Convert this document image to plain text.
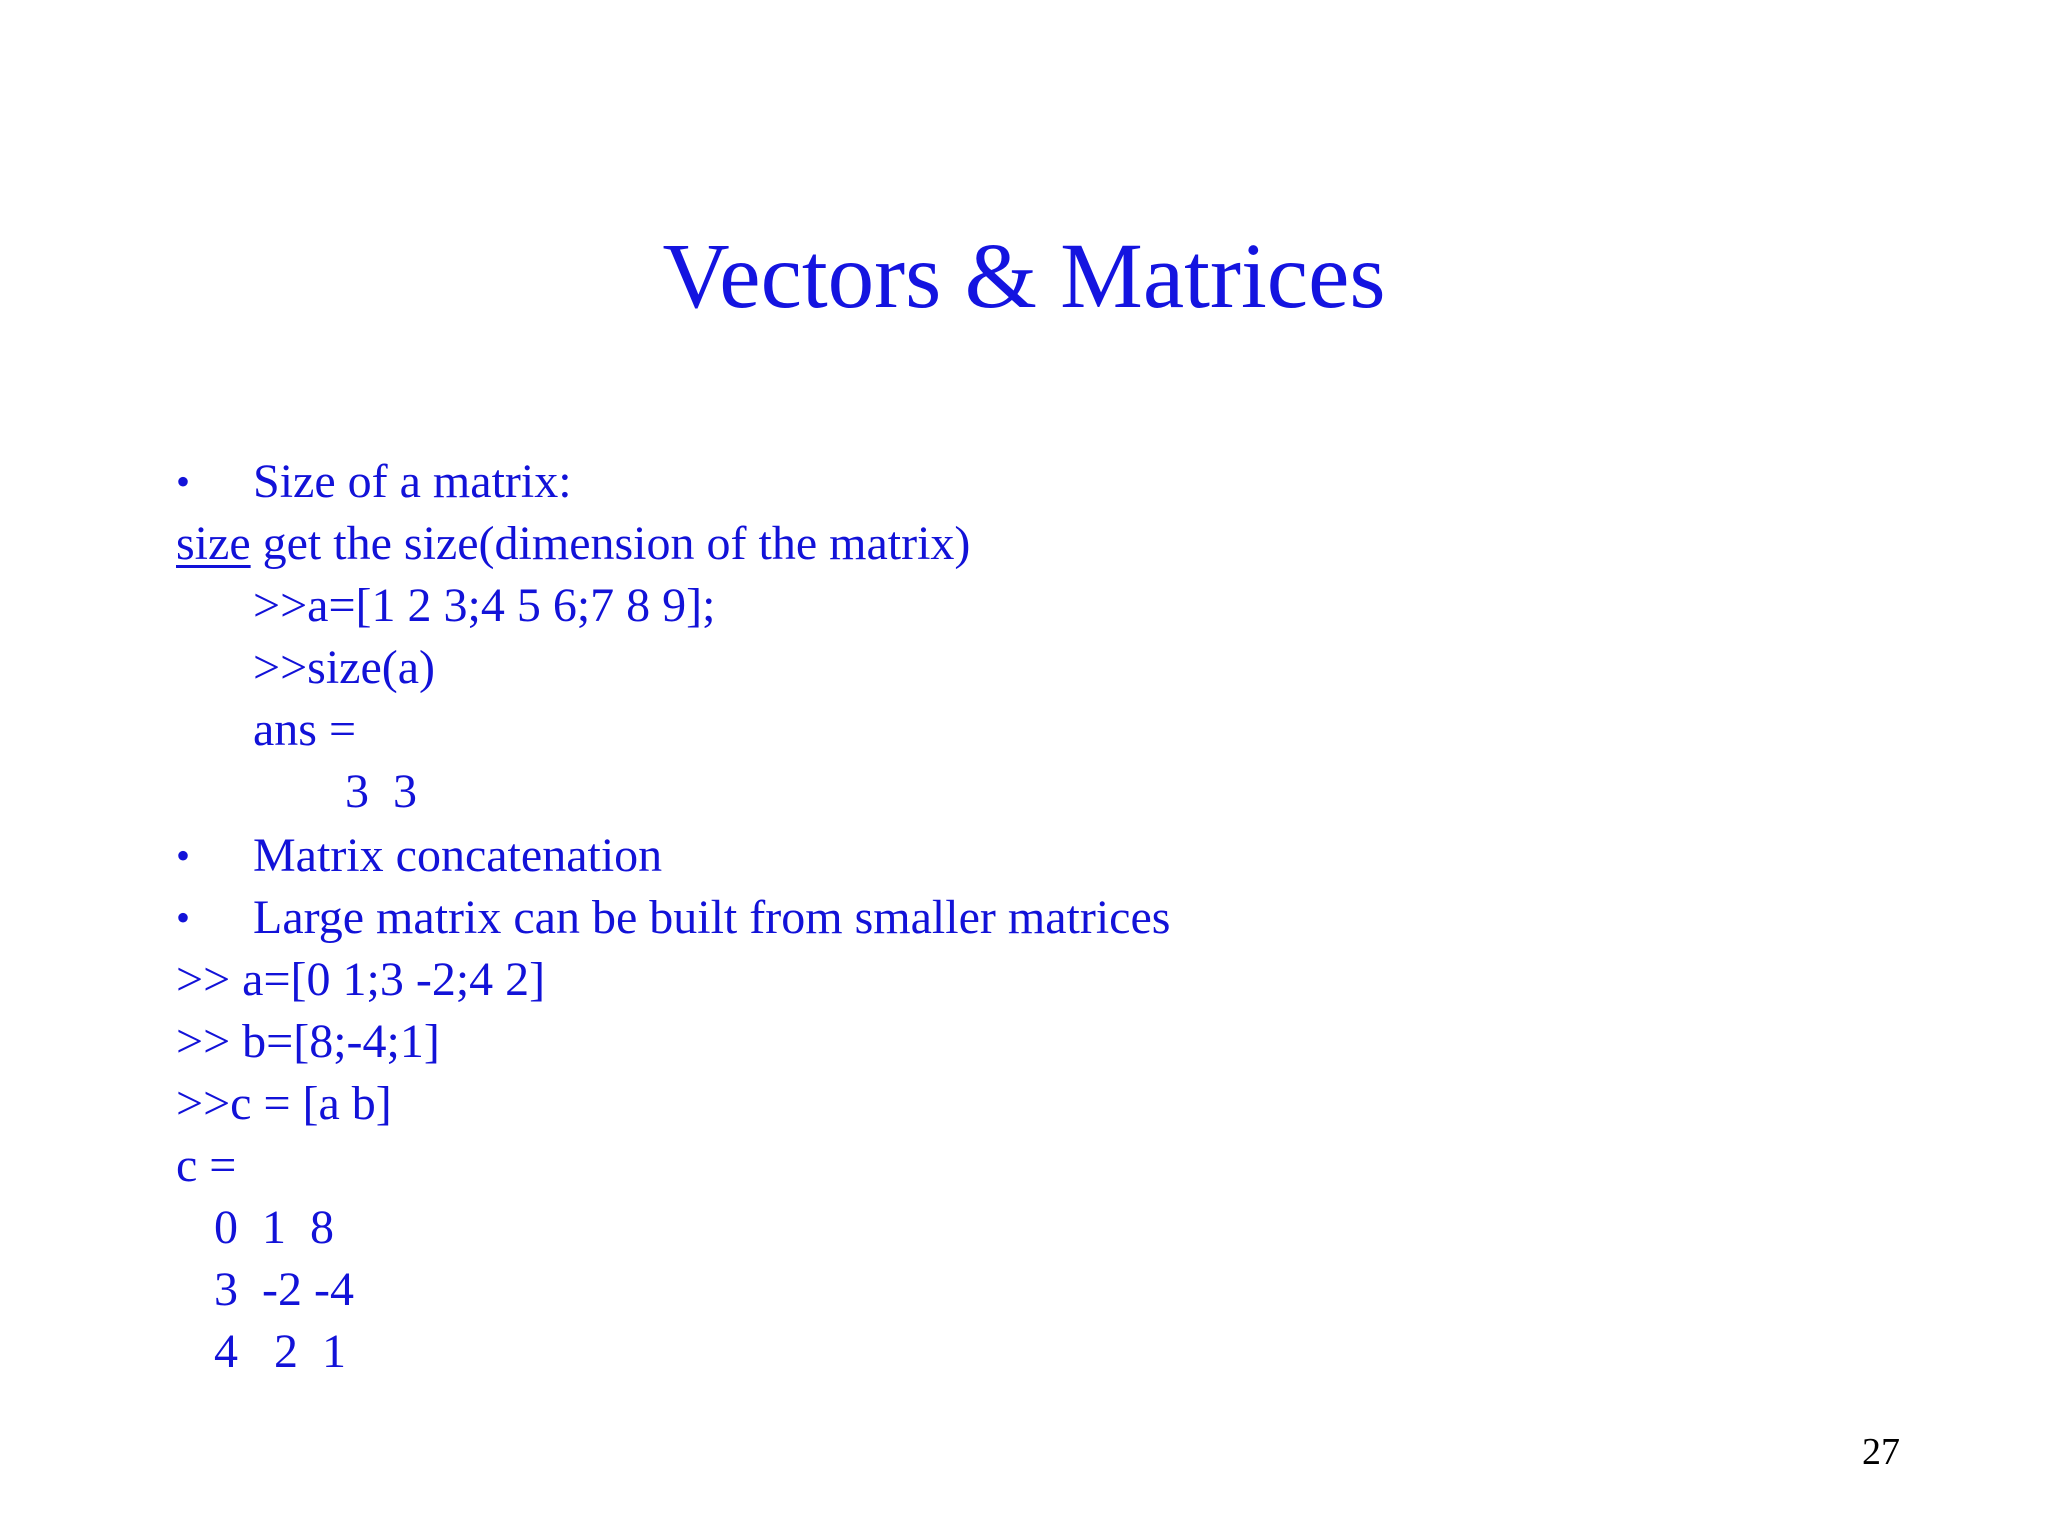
Vectors & Matrices
• Size of a matrix:
size get the size(dimension of the matrix)
>>a=[1 2 3;4 5 6;7 8 9];
>>size(a)
ans =
3  3
• Matrix concatenation
• Large matrix can be built from smaller matrices
>> a=[0 1;3 -2;4 2]
>> b=[8;-4;1]
>>c = [a b]
c =
0  1  8
3  -2 -4
4   2  1
27
